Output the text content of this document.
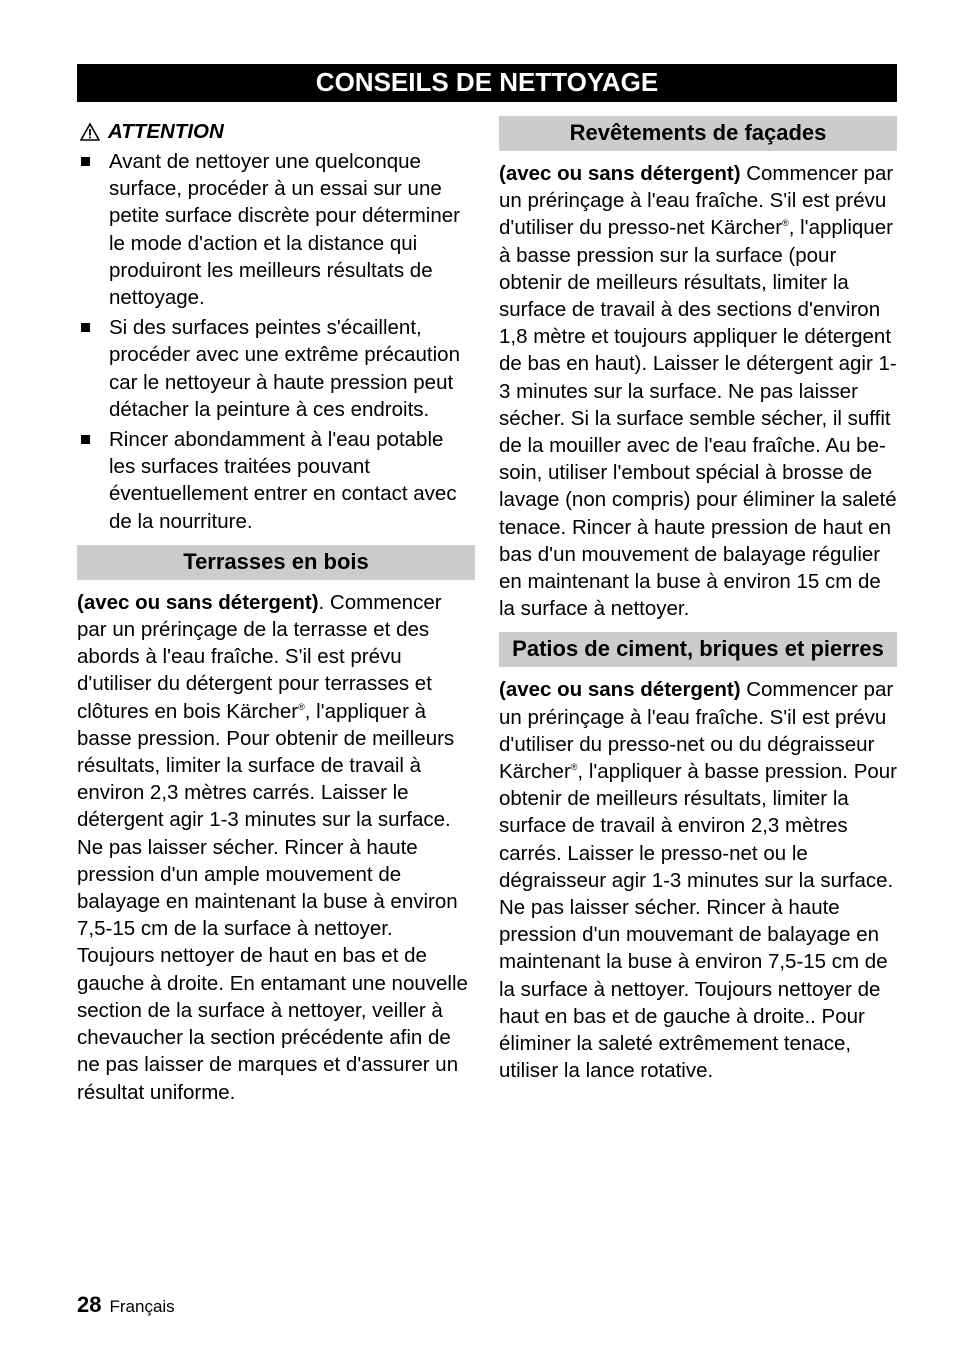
CONSEILS DE NETTOYAGE
ATTENTION
Avant de nettoyer une quelconque surface, procéder à un essai sur une petite surface discrète pour déterminer le mode d'action et la distance qui produiront les meilleurs résultats de nettoyage.
Si des surfaces peintes s'écaillent, procéder avec une extrême précaution car le nettoyeur à haute pression peut détacher la peinture à ces endroits.
Rincer abondamment à l'eau potable les surfaces traitées pouvant éventuellement entrer en contact avec de la nourriture.
Terrasses en bois

(avec ou sans détergent). Commencer par un prérinçage de la terrasse et des abords à l'eau fraîche. S'il est prévu d'utiliser du détergent pour terrasses et clôtures en bois Kärcher®, l'appliquer à basse pression. Pour obtenir de meilleurs résultats, limiter la surface de travail à environ 2,3 mètres carrés. Laisser le détergent agir 1-3 minutes sur la surface. Ne pas laisser sécher. Rincer à haute pression d'un ample mouvement de balayage en maintenant la buse à environ 7,5-15 cm de la surface à nettoyer. Toujours nettoyer de haut en bas et de gauche à droite. En entamant une nouvelle section de la surface à nettoyer, veiller à chevaucher la section précédente afin de ne pas laisser de marques et d'assurer un résultat uniforme.

Revêtements de façades

(avec ou sans détergent) Commencer par un prérinçage à l'eau fraîche. S'il est prévu d'utiliser du presso-net Kärcher®, l'appliquer à basse pression sur la surface (pour obtenir de meilleurs résultats, limiter la surface de travail à des sections d'environ 1,8 mètre et toujours appliquer le détergent de bas en haut). Laisser le détergent agir 1-3 minutes sur la surface. Ne pas laisser sécher. Si la surface semble sécher, il suffit de la mouiller avec de l'eau fraîche. Au besoin, utiliser l'embout spécial à brosse de lavage (non compris) pour éliminer la saleté tenace. Rincer à haute pression de haut en bas d'un mouvement de balayage régulier en maintenant la buse à environ 15 cm de la surface à nettoyer.

Patios de ciment, briques et pierres

(avec ou sans détergent) Commencer par un prérinçage à l'eau fraîche. S'il est prévu d'utiliser du presso-net ou du dégraisseur Kärcher®, l'appliquer à basse pression. Pour obtenir de meilleurs résultats, limiter la surface de travail à environ 2,3 mètres carrés. Laisser le presso-net ou le dégraisseur agir 1-3 minutes sur la surface. Ne pas laisser sécher. Rincer à haute pression d'un mouvemant de balayage en maintenant la buse à environ 7,5-15 cm de la surface à nettoyer. Toujours nettoyer de haut en bas et de gauche à droite.. Pour éliminer la saleté extrêmement tenace, utiliser la lance rotative.

28 Français
